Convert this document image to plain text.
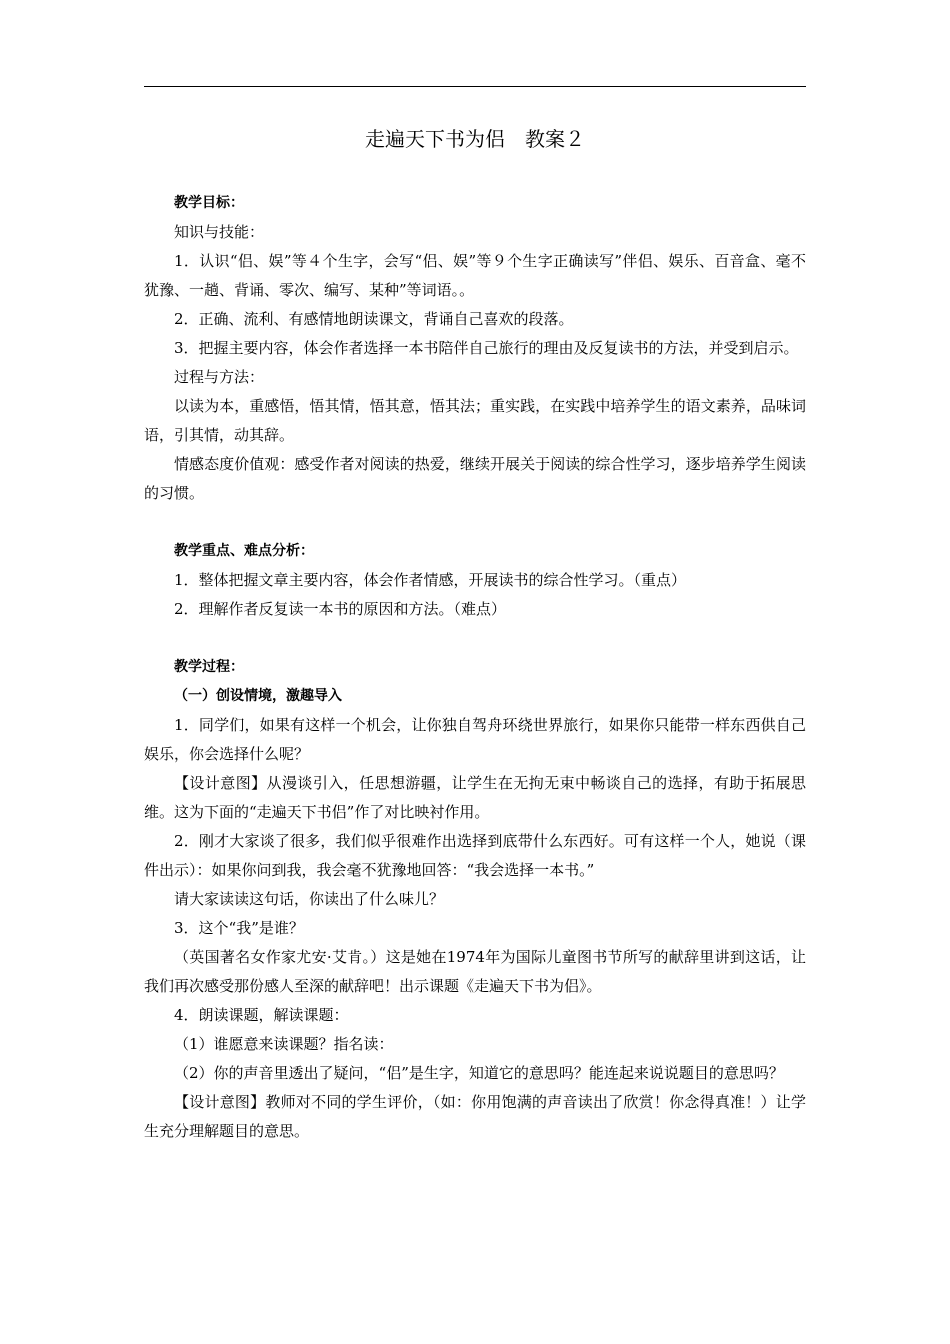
走遍天下书为侣　教案２

教学目标：

知识与技能：

1．认识“侣、娱”等４个生字，会写“侣、娱”等９个生字正确读写”伴侣、娱乐、百音盒、毫不犹豫、一趟、背诵、零次、编写、某种”等词语。。

2．正确、流利、有感情地朗读课文，背诵自己喜欢的段落。

3．把握主要内容，体会作者选择一本书陪伴自己旅行的理由及反复读书的方法，并受到启示。

过程与方法：

以读为本，重感悟，悟其情，悟其意，悟其法；重实践，在实践中培养学生的语文素养，品味词语，引其情，动其辞。

情感态度价值观：感受作者对阅读的热爱，继续开展关于阅读的综合性学习，逐步培养学生阅读的习惯。

教学重点、难点分析：

1．整体把握文章主要内容，体会作者情感，开展读书的综合性学习。（重点）

2．理解作者反复读一本书的原因和方法。（难点）

教学过程：

（一）创设情境，激趣导入

1．同学们，如果有这样一个机会，让你独自驾舟环绕世界旅行，如果你只能带一样东西供自己娱乐，你会选择什么呢？

【设计意图】从漫谈引入，任思想游疆，让学生在无拘无束中畅谈自己的选择，有助于拓展思维。这为下面的“走遍天下书侣”作了对比映衬作用。

2．刚才大家谈了很多，我们似乎很难作出选择到底带什么东西好。可有这样一个人，她说（课件出示）：如果你问到我，我会毫不犹豫地回答：“我会选择一本书。”

请大家读读这句话，你读出了什么味儿？

3．这个“我”是谁？

（英国著名女作家尤安·艾肯。）这是她在1974年为国际儿童图书节所写的献辞里讲到这话，让我们再次感受那份感人至深的献辞吧！出示课题《走遍天下书为侣》。

4．朗读课题，解读课题：

（1）谁愿意来读课题？指名读：

（2）你的声音里透出了疑问，“侣”是生字，知道它的意思吗？能连起来说说题目的意思吗？

【设计意图】教师对不同的学生评价，（如：你用饱满的声音读出了欣赏！你念得真准！）让学生充分理解题目的意思。
